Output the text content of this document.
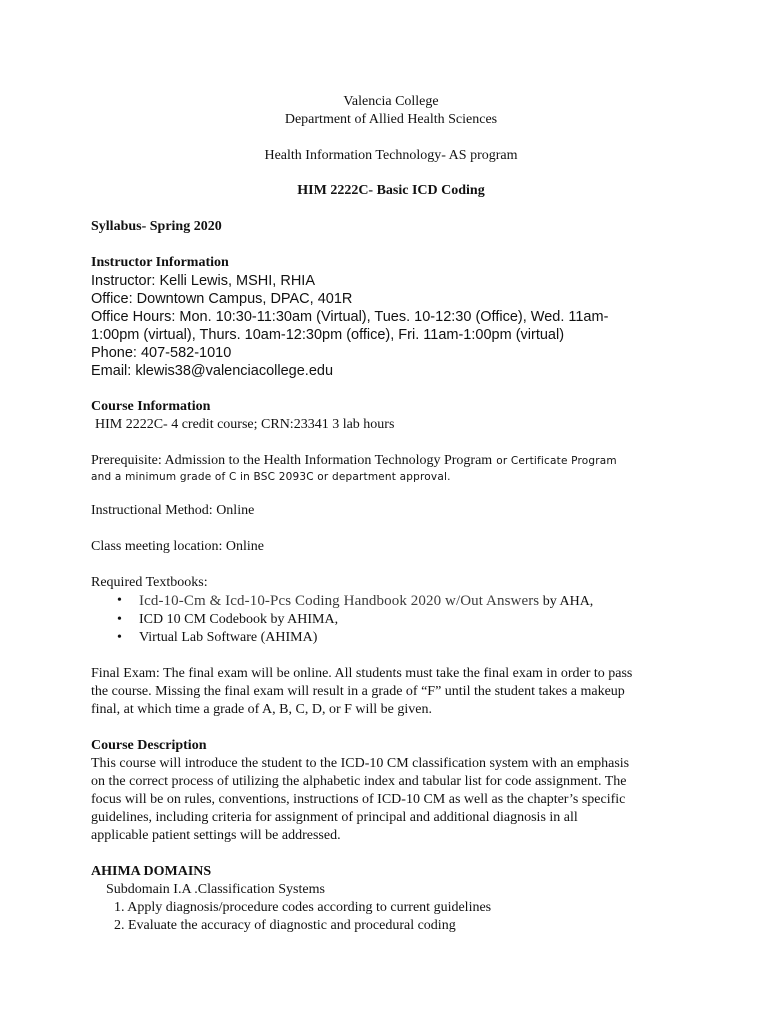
Valencia College
Department of Allied Health Sciences
Health Information Technology- AS program
HIM 2222C- Basic ICD Coding
Syllabus- Spring 2020
Instructor Information
Instructor: Kelli Lewis, MSHI, RHIA
Office: Downtown Campus, DPAC, 401R
Office Hours: Mon. 10:30-11:30am (Virtual), Tues. 10-12:30 (Office), Wed. 11am-
1:00pm (virtual), Thurs. 10am-12:30pm (office), Fri. 11am-1:00pm (virtual)
Phone: 407-582-1010
Email: klewis38@valenciacollege.edu
Course Information
HIM 2222C- 4 credit course; CRN:23341 3 lab hours
Prerequisite: Admission to the Health Information Technology Program or Certificate Program
and a minimum grade of C in BSC 2093C or department approval.
Instructional Method: Online
Class meeting location: Online
Required Textbooks:
• Icd-10-Cm & Icd-10-Pcs Coding Handbook 2020 w/Out Answers by AHA,
• ICD 10 CM Codebook by AHIMA,
• Virtual Lab Software (AHIMA)
Final Exam: The final exam will be online. All students must take the final exam in order to pass
the course. Missing the final exam will result in a grade of “F” until the student takes a makeup
final, at which time a grade of A, B, C, D, or F will be given.
Course Description
This course will introduce the student to the ICD-10 CM classification system with an emphasis
on the correct process of utilizing the alphabetic index and tabular list for code assignment. The
focus will be on rules, conventions, instructions of ICD-10 CM as well as the chapter’s specific
guidelines, including criteria for assignment of principal and additional diagnosis in all
applicable patient settings will be addressed.
AHIMA DOMAINS
Subdomain I.A .Classification Systems
1. Apply diagnosis/procedure codes according to current guidelines
2. Evaluate the accuracy of diagnostic and procedural coding
